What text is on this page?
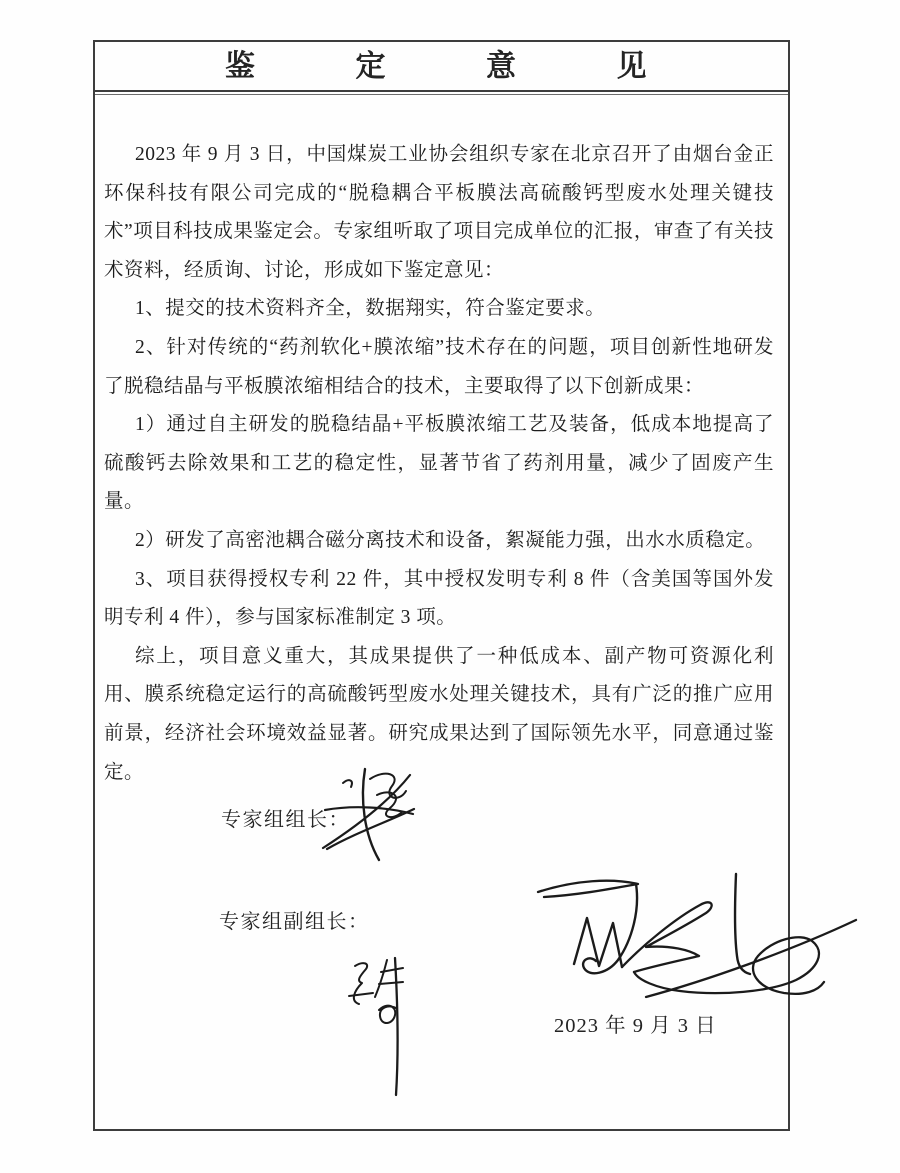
鉴定意见

2023 年 9 月 3 日，中国煤炭工业协会组织专家在北京召开了由烟台金正环保科技有限公司完成的“脱稳耦合平板膜法高硫酸钙型废水处理关键技术”项目科技成果鉴定会。专家组听取了项目完成单位的汇报，审查了有关技术资料，经质询、讨论，形成如下鉴定意见：

1、提交的技术资料齐全，数据翔实，符合鉴定要求。

2、针对传统的“药剂软化+膜浓缩”技术存在的问题，项目创新性地研发了脱稳结晶与平板膜浓缩相结合的技术，主要取得了以下创新成果：

1）通过自主研发的脱稳结晶+平板膜浓缩工艺及装备，低成本地提高了硫酸钙去除效果和工艺的稳定性，显著节省了药剂用量，减少了固废产生量。

2）研发了高密池耦合磁分离技术和设备，絮凝能力强，出水水质稳定。

3、项目获得授权专利 22 件，其中授权发明专利 8 件（含美国等国外发明专利 4 件），参与国家标准制定 3 项。

综上，项目意义重大，其成果提供了一种低成本、副产物可资源化利用、膜系统稳定运行的高硫酸钙型废水处理关键技术，具有广泛的推广应用前景，经济社会环境效益显著。研究成果达到了国际领先水平，同意通过鉴定。

专家组组长：
专家组副组长：
2023 年 9 月 3 日
